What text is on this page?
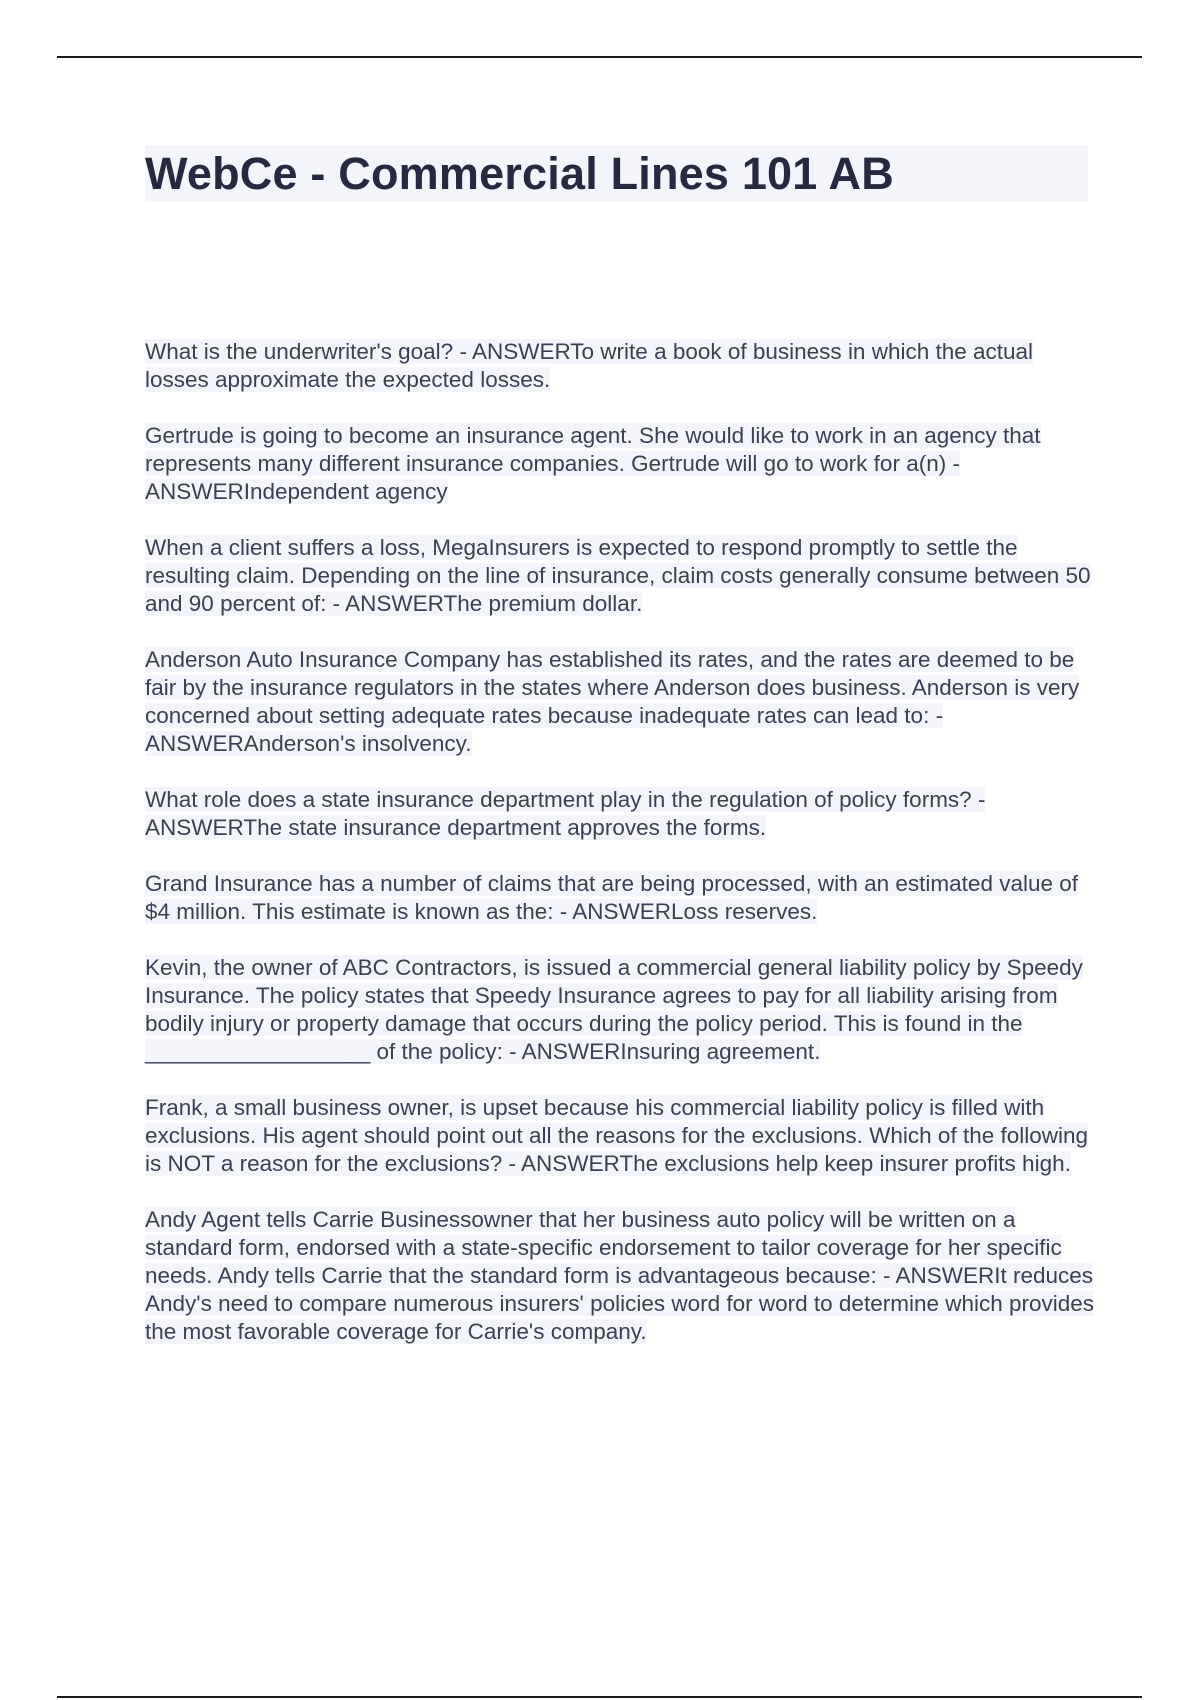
WebCe - Commercial Lines 101 AB

What is the underwriter's goal? - ANSWERTo write a book of business in which the actual losses approximate the expected losses.

Gertrude is going to become an insurance agent. She would like to work in an agency that represents many different insurance companies. Gertrude will go to work for a(n) - ANSWERIndependent agency

When a client suffers a loss, MegaInsurers is expected to respond promptly to settle the resulting claim. Depending on the line of insurance, claim costs generally consume between 50 and 90 percent of: - ANSWERThe premium dollar.

Anderson Auto Insurance Company has established its rates, and the rates are deemed to be fair by the insurance regulators in the states where Anderson does business. Anderson is very concerned about setting adequate rates because inadequate rates can lead to: - ANSWERAnderson's insolvency.

What role does a state insurance department play in the regulation of policy forms? - ANSWERThe state insurance department approves the forms.

Grand Insurance has a number of claims that are being processed, with an estimated value of $4 million. This estimate is known as the: - ANSWERLoss reserves.

Kevin, the owner of ABC Contractors, is issued a commercial general liability policy by Speedy Insurance. The policy states that Speedy Insurance agrees to pay for all liability arising from bodily injury or property damage that occurs during the policy period. This is found in the __________________ of the policy: - ANSWERInsuring agreement.

Frank, a small business owner, is upset because his commercial liability policy is filled with exclusions. His agent should point out all the reasons for the exclusions. Which of the following is NOT a reason for the exclusions? - ANSWERThe exclusions help keep insurer profits high.

Andy Agent tells Carrie Businessowner that her business auto policy will be written on a standard form, endorsed with a state-specific endorsement to tailor coverage for her specific needs. Andy tells Carrie that the standard form is advantageous because: - ANSWERIt reduces Andy's need to compare numerous insurers' policies word for word to determine which provides the most favorable coverage for Carrie's company.
